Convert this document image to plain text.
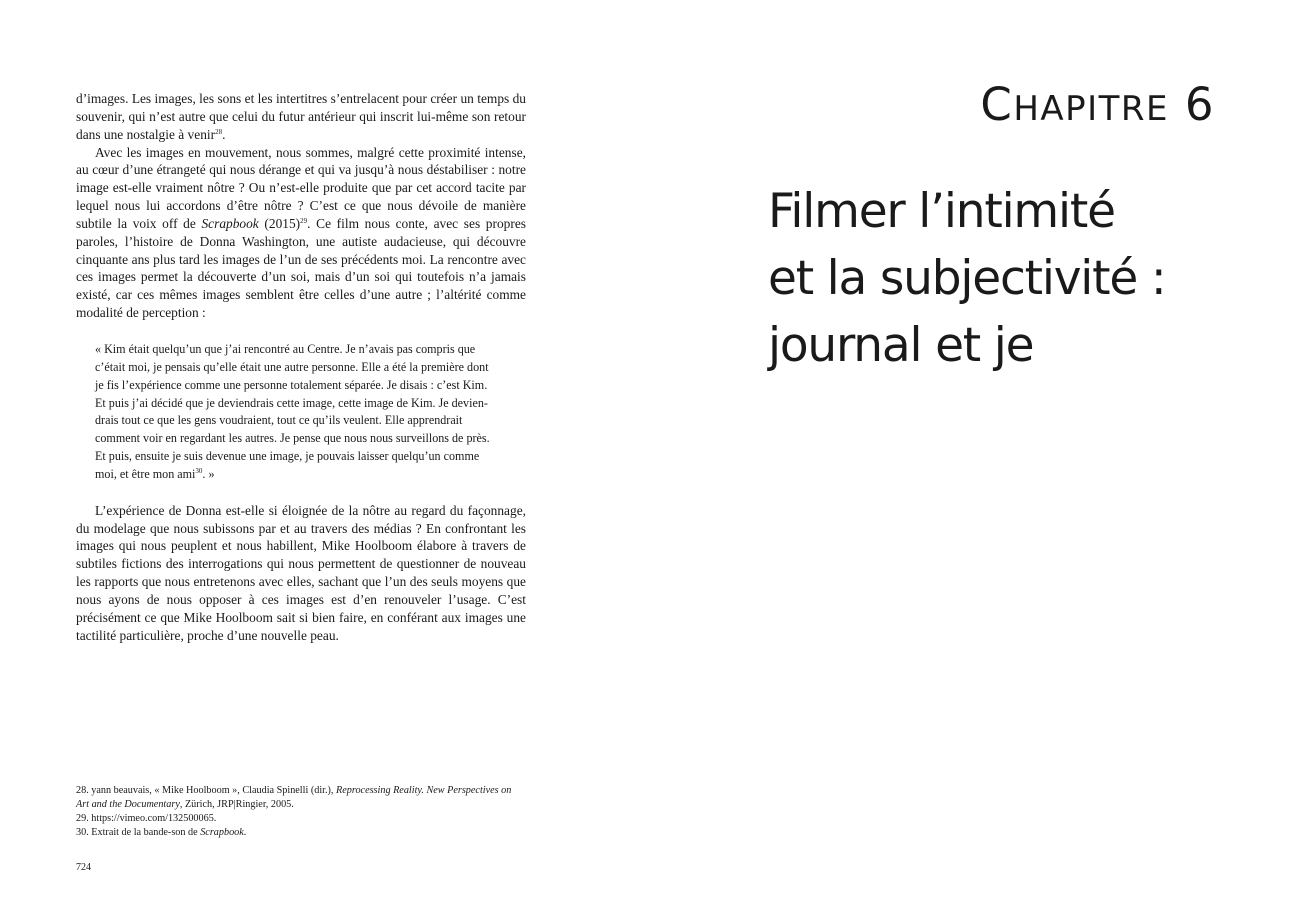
d’images. Les images, les sons et les intertitres s’entrelacent pour créer un temps du souvenir, qui n’est autre que celui du futur antérieur qui inscrit lui-même son retour dans une nostalgie à venir$^{28}$.

Avec les images en mouvement, nous sommes, malgré cette proximité intense, au cœur d’une étrangeté qui nous dérange et qui va jusqu’à nous déstabiliser : notre image est-elle vraiment nôtre ? Ou n’est-elle produite que par cet accord tacite par lequel nous lui accordons d’être nôtre ? C’est ce que nous dévoile de manière subtile la voix off de Scrapbook (2015)$^{29}$. Ce film nous conte, avec ses propres paroles, l’histoire de Donna Washington, une autiste audacieuse, qui découvre cinquante ans plus tard les images de l’un de ses précédents moi. La rencontre avec ces images permet la découverte d’un soi, mais d’un soi qui toutefois n’a jamais existé, car ces mêmes images semblent être celles d’une autre ; l’altérité comme modalité de perception :

« Kim était quelqu’un que j’ai rencontré au Centre. Je n’avais pas compris que
c’était moi, je pensais qu’elle était une autre personne. Elle a été la première dont
je fis l’expérience comme une personne totalement séparée. Je disais : c’est Kim.
Et puis j’ai décidé que je deviendrais cette image, cette image de Kim. Je devien-
drais tout ce que les gens voudraient, tout ce qu’ils veulent. Elle apprendrait
comment voir en regardant les autres. Je pense que nous nous surveillons de près.
Et puis, ensuite je suis devenue une image, je pouvais laisser quelqu’un comme
moi, et être mon ami$^{30}$. »

L’expérience de Donna est-elle si éloignée de la nôtre au regard du façonnage, du modelage que nous subissons par et au travers des médias ? En confrontant les images qui nous peuplent et nous habillent, Mike Hoolboom élabore à travers de subtiles fictions des interrogations qui nous permettent de questionner de nouveau les rapports que nous entretenons avec elles, sachant que l’un des seuls moyens que nous ayons de nous opposer à ces images est d’en renouveler l’usage. C’est précisément ce que Mike Hoolboom sait si bien faire, en conférant aux images une tactilité particulière, proche d’une nouvelle peau.

28. yann beauvais, « Mike Hoolboom », Claudia Spinelli (dir.), Reprocessing Reality. New Perspectives on Art and the Documentary, Zürich, JRP|Ringier, 2005.
29. https://vimeo.com/132500065.
30. Extrait de la bande-son de Scrapbook.
724
CHAPITRE 6
Filmer l’intimité
et la subjectivité :
journal et je
